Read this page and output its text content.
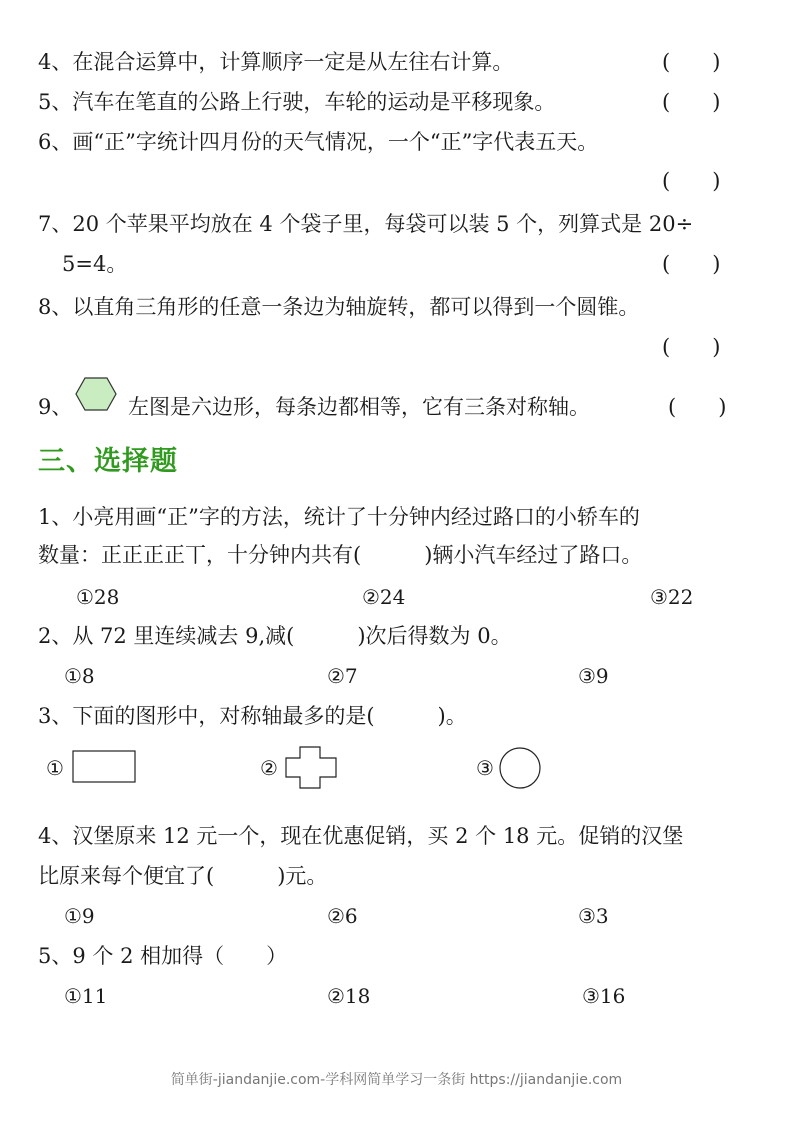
4、在混合运算中，计算顺序一定是从左往右计算。	(　　)
5、汽车在笔直的公路上行驶，车轮的运动是平移现象。	(　　)
6、画“正”字统计四月份的天气情况，一个“正”字代表五天。
(　　)
7、20 个苹果平均放在 4 个袋子里，每袋可以装 5 个，列算式是 20÷
5=4。	(　　)
8、以直角三角形的任意一条边为轴旋转，都可以得到一个圆锥。
(　　)
9、	左图是六边形，每条边都相等，它有三条对称轴。	(　　)
三、选择题
1、小亮用画“正”字的方法，统计了十分钟内经过路口的小轿车的
数量：正正正正丅，十分钟内共有(　　　)辆小汽车经过了路口。
①28	②24	③22
2、从 72 里连续减去 9,减(　　　)次后得数为 0。
①8	②7	③9
3、下面的图形中，对称轴最多的是(　　　)。
①	②	③
4、汉堡原来 12 元一个，现在优惠促销，买 2 个 18 元。促销的汉堡
比原来每个便宜了(　　　)元。
①9	②6	③3
5、9 个 2 相加得（　　）
①11	②18	③16
简单街-jiandanjie.com-学科网简单学习一条街 https://jiandanjie.com
